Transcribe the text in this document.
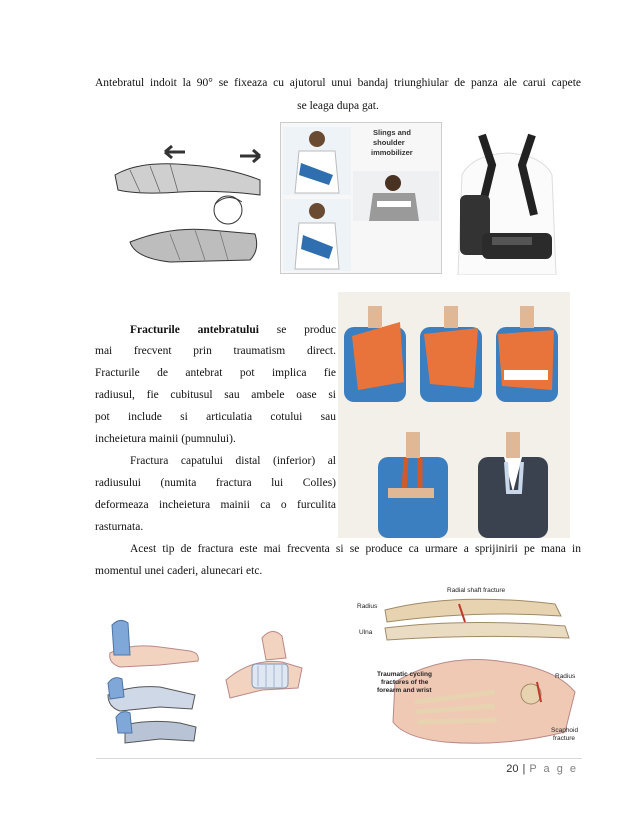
Antebratul indoit la 90° se fixeaza cu ajutorul unui bandaj triunghiular de panza ale carui capete
se leaga dupa gat.
Slings and
shoulder
immobilizer
Fracturile antebratului se produc
mai frecvent prin traumatism direct.
Fracturile de antebrat pot implica fie
radiusul, fie cubitusul sau ambele oase si
pot include si articulatia cotului sau
incheietura mainii (pumnului).
Fractura capatului distal (inferior) al
radiusului (numita fractura lui Colles)
deformeaza incheietura mainii ca o furculita
rasturnata.
Acest tip de fractura este mai frecventa si se produce ca urmare a sprijinirii pe mana in
momentul unei caderi, alunecari etc.
Radius
Ulna
Radial shaft fracture
Traumatic cycling
fractures of the
forearm and wrist
Radius
Scaphoid
fracture
20 | P a g e
